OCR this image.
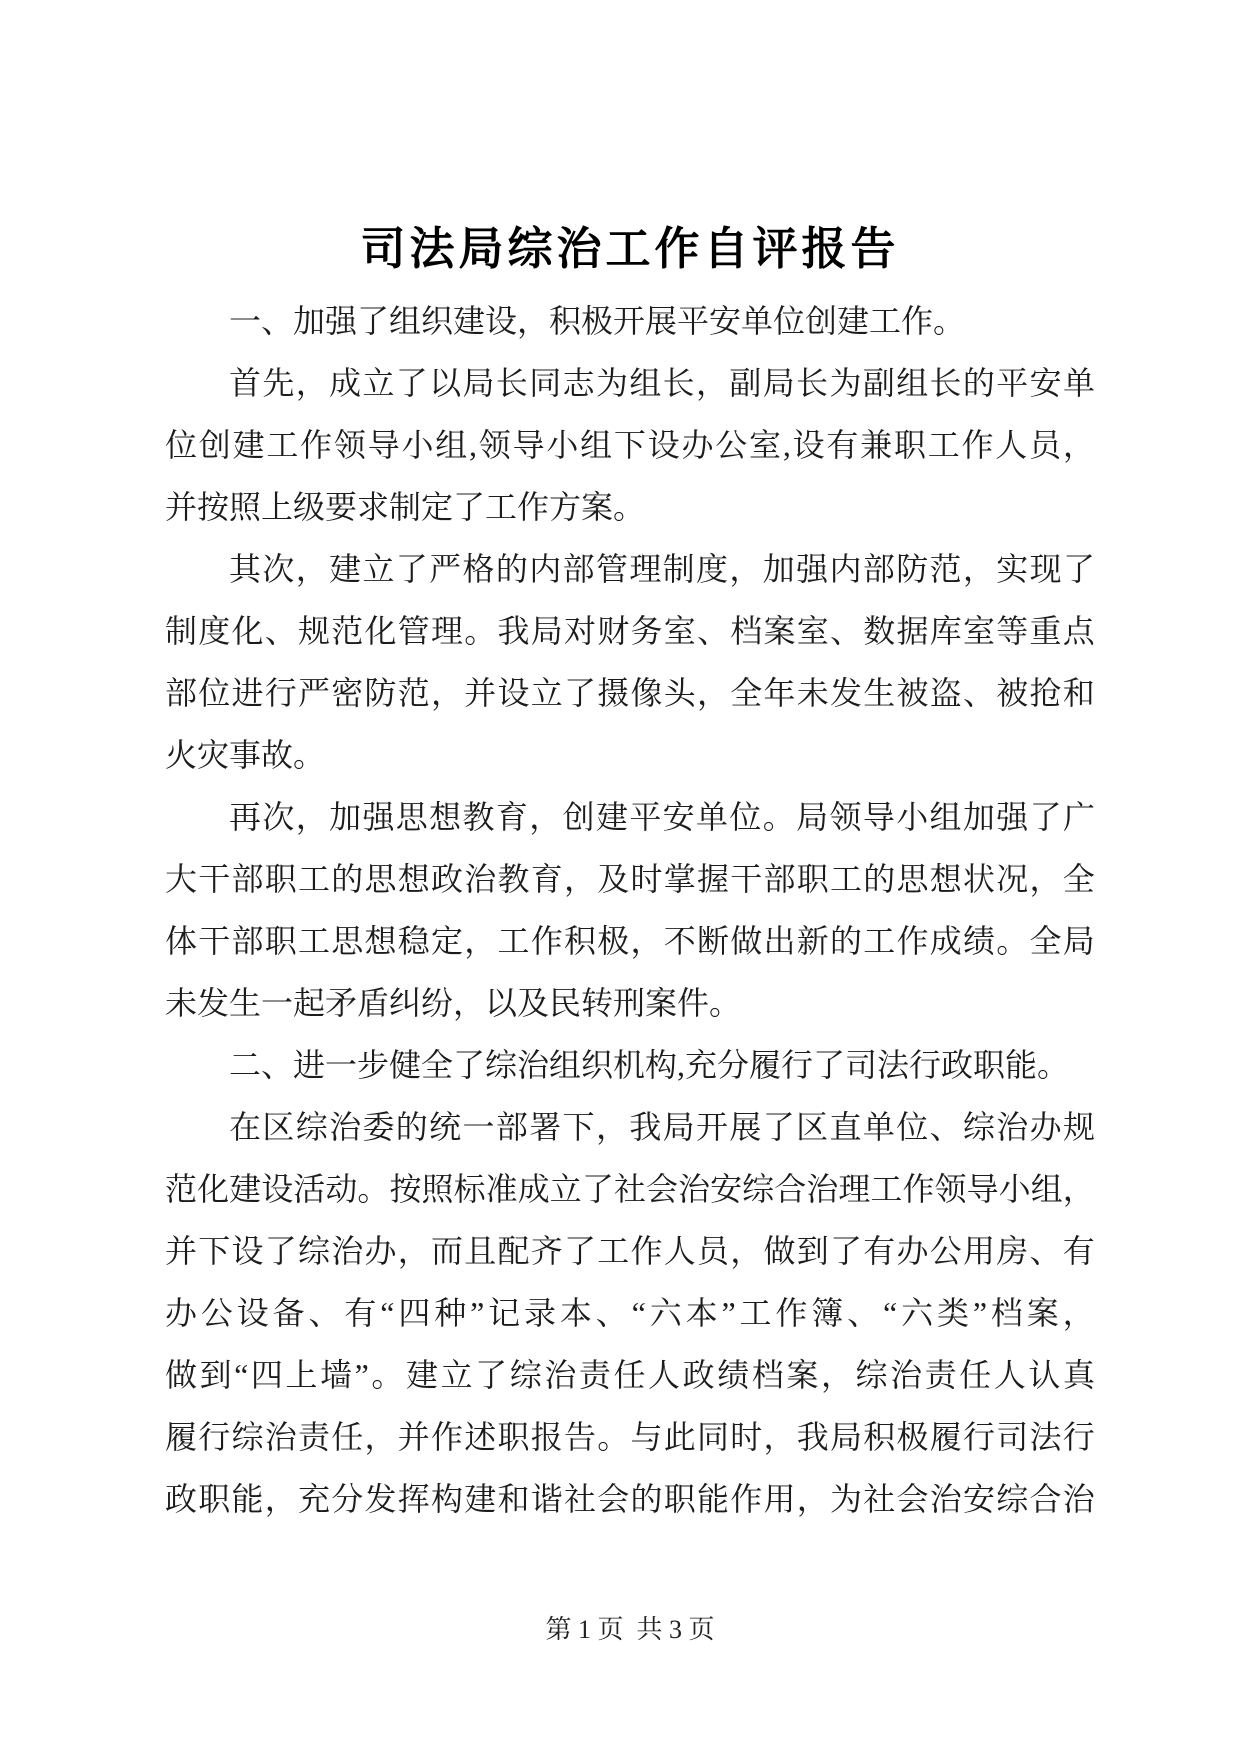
司法局综治工作自评报告
一、加强了组织建设，积极开展平安单位创建工作。
首 先 ， 成 立 了 以 局 长 同 志 为 组 长 ， 副 局 长 为 副 组 长 的 平 安 单
位 创 建 工 作 领 导 小 组 , 领 导 小 组 下 设 办 公 室 , 设 有 兼 职 工 作 人 员 ，
并按照上级要求制定了工作方案。
其 次 ， 建 立 了 严 格 的 内 部 管 理 制 度 ， 加 强 内 部 防 范 ， 实 现 了
制 度 化 、 规 范 化 管 理 。 我 局 对 财 务 室 、 档 案 室 、 数 据 库 室 等 重 点
部 位 进 行 严 密 防 范 ， 并 设 立 了 摄 像 头 ， 全 年 未 发 生 被 盗 、 被 抢 和
火灾事故。
再 次 ， 加 强 思 想 教 育 ， 创 建 平 安 单 位 。 局 领 导 小 组 加 强 了 广
大 干 部 职 工 的 思 想 政 治 教 育 ， 及 时 掌 握 干 部 职 工 的 思 想 状 况 ， 全
体 干 部 职 工 思 想 稳 定 ， 工 作 积 极 ， 不 断 做 出 新 的 工 作 成 绩 。 全 局
未发生一起矛盾纠纷，以及民转刑案件。
二、进一步健全了综治组织机构,充分履行了司法行政职能。
在 区 综 治 委 的 统 一 部 署 下 ， 我 局 开 展 了 区 直 单 位 、 综 治 办 规
范 化 建 设 活 动 。 按 照 标 准 成 立 了 社 会 治 安 综 合 治 理 工 作 领 导 小 组 ，
并 下 设 了 综 治 办 ， 而 且 配 齐 了 工 作 人 员 ， 做 到 了 有 办 公 用 房 、 有
办 公 设 备 、 有 “ 四 种 ” 记 录 本 、 “ 六 本 ” 工 作 簿 、 “ 六 类 ” 档 案 ，
做 到 “ 四 上 墙 ” 。 建 立 了 综 治 责 任 人 政 绩 档 案 ， 综 治 责 任 人 认 真
履 行 综 治 责 任 ， 并 作 述 职 报 告 。 与 此 同 时 ， 我 局 积 极 履 行 司 法 行
政 职 能 ， 充 分 发 挥 构 建 和 谐 社 会 的 职 能 作 用 ， 为 社 会 治 安 综 合 治
第 1 页  共 3 页
